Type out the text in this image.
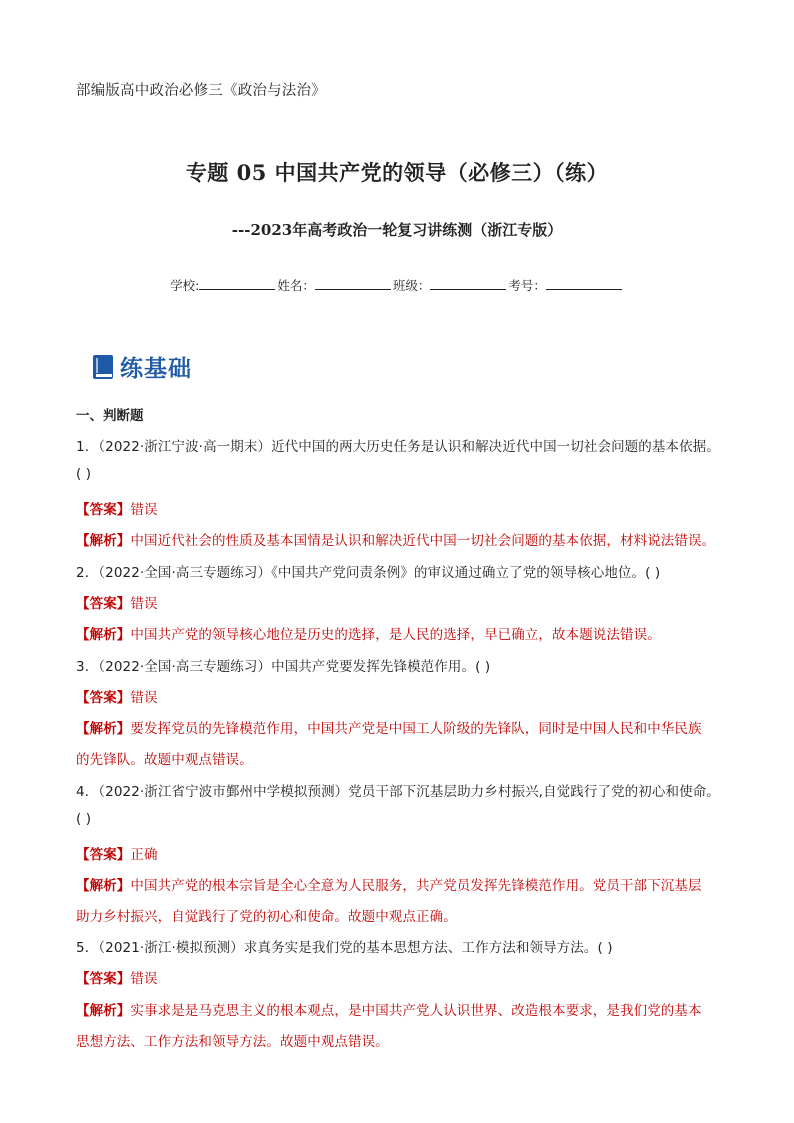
部编版高中政治必修三《政治与法治》
专题 05 中国共产党的领导（必修三）（练）
---2023年高考政治一轮复习讲练测（浙江专版）
学校:	姓名：	班级：	考号：
练基础
一、判断题
1．（2022·浙江宁波·高一期末）近代中国的两大历史任务是认识和解决近代中国一切社会问题的基本依据。
( )
【答案】错误
【解析】中国近代社会的性质及基本国情是认识和解决近代中国一切社会问题的基本依据，材料说法错误。
2．（2022·全国·高三专题练习）《中国共产党问责条例》的审议通过确立了党的领导核心地位。( )
【答案】错误
【解析】中国共产党的领导核心地位是历史的选择，是人民的选择，早已确立，故本题说法错误。
3．（2022·全国·高三专题练习）中国共产党要发挥先锋模范作用。( )
【答案】错误
【解析】要发挥党员的先锋模范作用，中国共产党是中国工人阶级的先锋队，同时是中国人民和中华民族
的先锋队。故题中观点错误。
4．（2022·浙江省宁波市鄞州中学模拟预测）党员干部下沉基层助力乡村振兴,自觉践行了党的初心和使命。
( )
【答案】正确
【解析】中国共产党的根本宗旨是全心全意为人民服务，共产党员发挥先锋模范作用。党员干部下沉基层
助力乡村振兴，自觉践行了党的初心和使命。故题中观点正确。
5．（2021·浙江·模拟预测）求真务实是我们党的基本思想方法、工作方法和领导方法。( )
【答案】错误
【解析】实事求是是马克思主义的根本观点，是中国共产党人认识世界、改造根本要求，是我们党的基本
思想方法、工作方法和领导方法。故题中观点错误。
